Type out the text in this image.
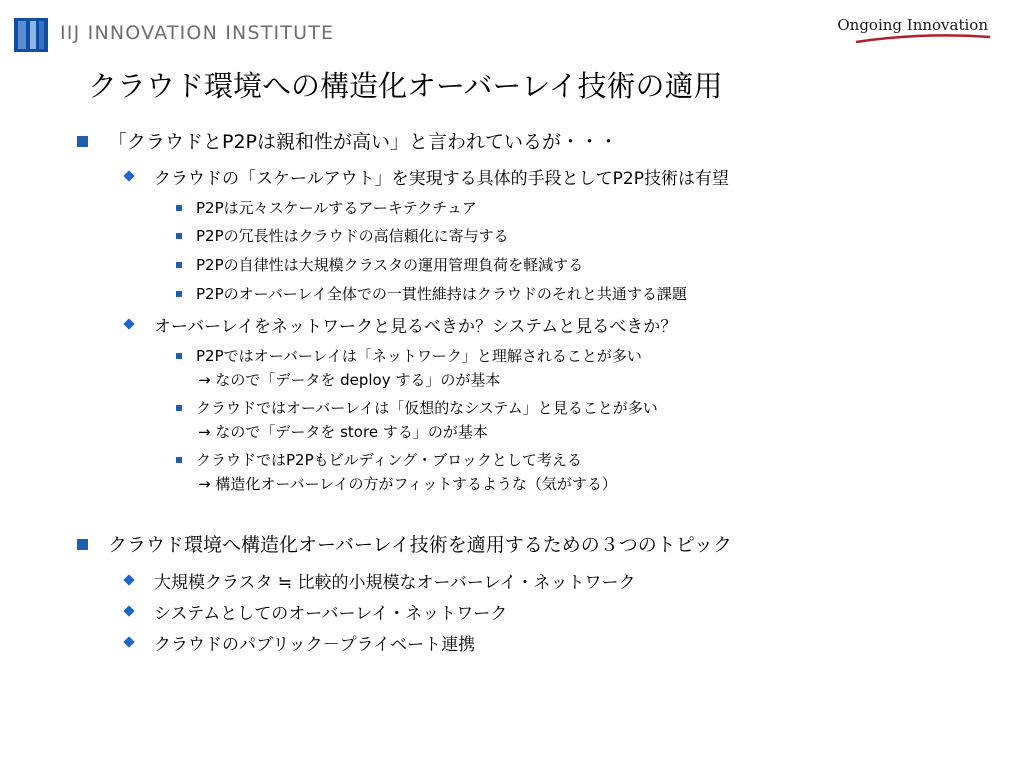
IIJ INNOVATION INSTITUTE	Ongoing Innovation
クラウド環境への構造化オーバーレイ技術の適用
「クラウドとP2Pは親和性が高い」と言われているが・・・
クラウドの「スケールアウト」を実現する具体的手段としてP2P技術は有望
P2Pは元々スケールするアーキテクチュア
P2Pの冗長性はクラウドの高信頼化に寄与する
P2Pの自律性は大規模クラスタの運用管理負荷を軽減する
P2Pのオーバーレイ全体での一貫性維持はクラウドのそれと共通する課題
オーバーレイをネットワークと見るべきか？システムと見るべきか？
P2Pではオーバーレイは「ネットワーク」と理解されることが多い
→ なので「データを deploy する」のが基本
クラウドではオーバーレイは「仮想的なシステム」と見ることが多い
→ なので「データを store する」のが基本
クラウドではP2Pもビルディング・ブロックとして考える
→ 構造化オーバーレイの方がフィットするような（気がする）
クラウド環境へ構造化オーバーレイ技術を適用するための３つのトピック
大規模クラスタ ≒ 比較的小規模なオーバーレイ・ネットワーク
システムとしてのオーバーレイ・ネットワーク
クラウドのパブリック－プライベート連携
